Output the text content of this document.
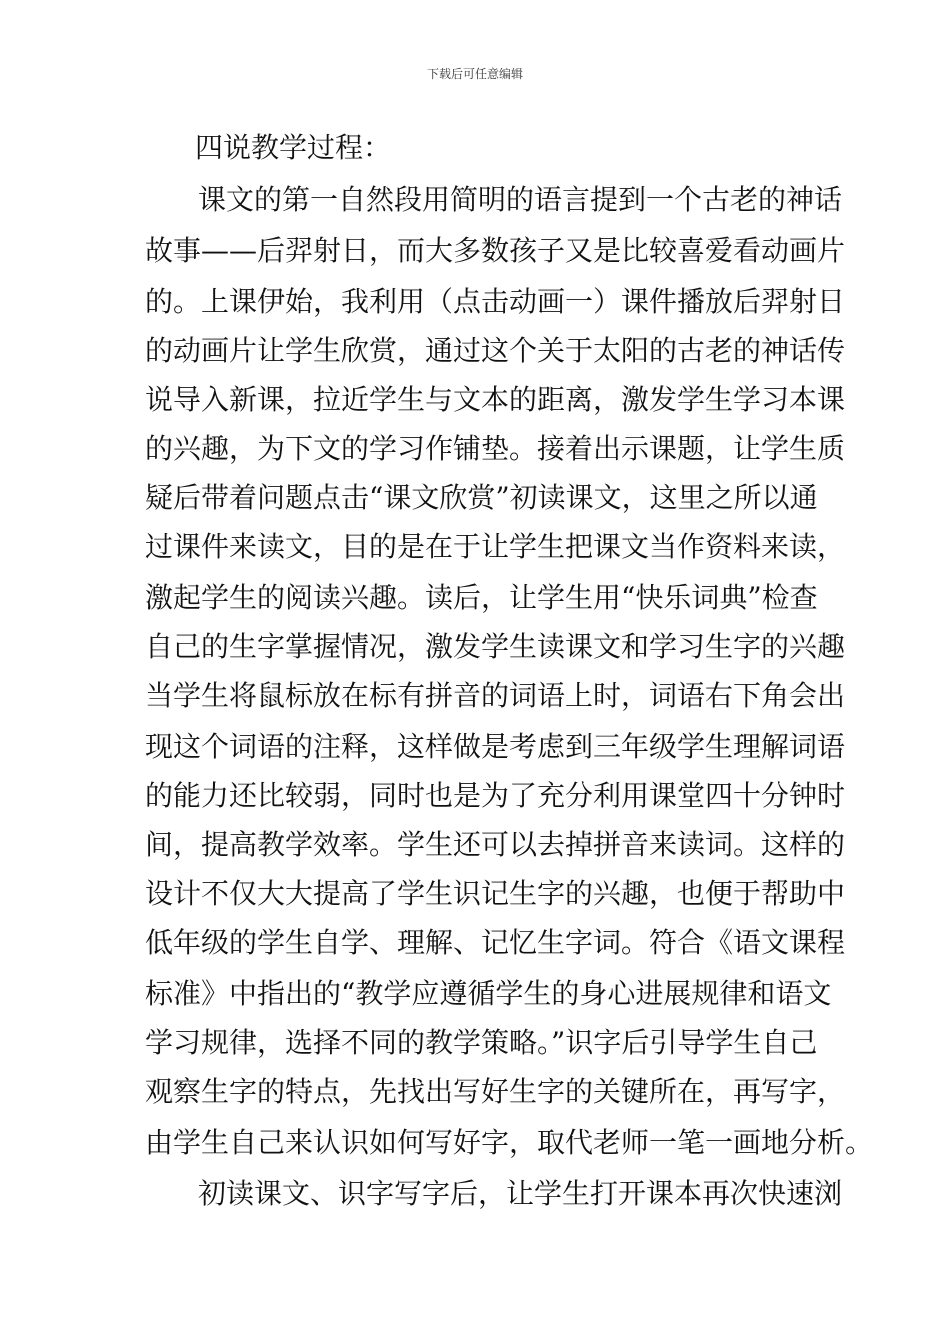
下载后可任意编辑
四说教学过程：
课文的第一自然段用简明的语言提到一个古老的神话
故事——后羿射日，而大多数孩子又是比较喜爱看动画片
的。上课伊始，我利用（点击动画一）课件播放后羿射日
的动画片让学生欣赏，通过这个关于太阳的古老的神话传
说导入新课，拉近学生与文本的距离，激发学生学习本课
的兴趣，为下文的学习作铺垫。接着出示课题，让学生质
疑后带着问题点击“课文欣赏”初读课文，这里之所以通
过课件来读文，目的是在于让学生把课文当作资料来读，
激起学生的阅读兴趣。读后，让学生用“快乐词典”检查
自己的生字掌握情况，激发学生读课文和学习生字的兴趣
当学生将鼠标放在标有拼音的词语上时，词语右下角会出
现这个词语的注释，这样做是考虑到三年级学生理解词语
的能力还比较弱，同时也是为了充分利用课堂四十分钟时
间，提高教学效率。学生还可以去掉拼音来读词。这样的
设计不仅大大提高了学生识记生字的兴趣，也便于帮助中
低年级的学生自学、理解、记忆生字词。符合《语文课程
标准》中指出的“教学应遵循学生的身心进展规律和语文
学习规律，选择不同的教学策略。”识字后引导学生自己
观察生字的特点，先找出写好生字的关键所在，再写字，
由学生自己来认识如何写好字，取代老师一笔一画地分析。
初读课文、识字写字后，让学生打开课本再次快速浏
